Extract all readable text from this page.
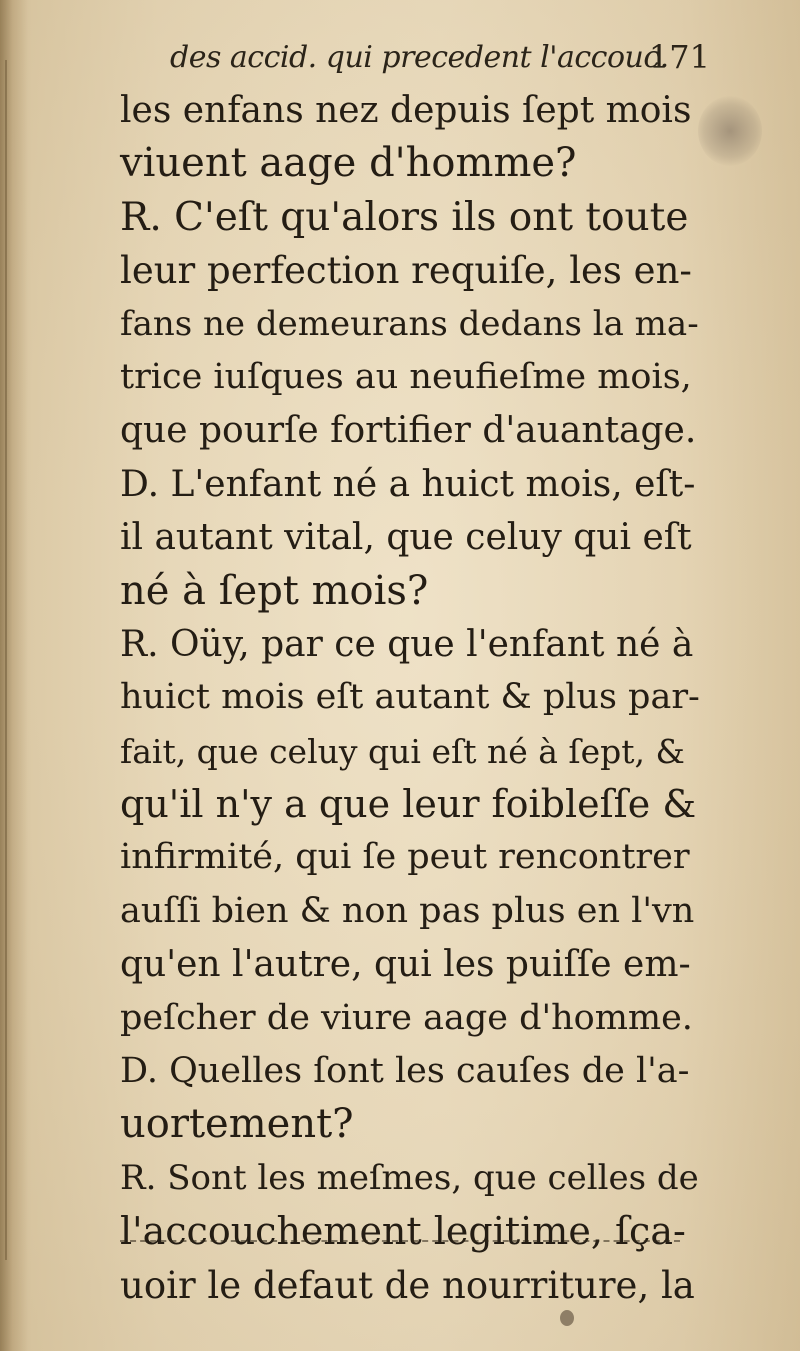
des accid. qui precedent l'accouc.
171
les enfans nez depuis ſept mois
viuent aage d'homme?
R. C'eſt qu'alors ils ont toute
leur perfection requiſe, les en-
fans ne demeurans dedans la ma-
trice iuſques au neufieſme mois,
que pourſe fortifier d'auantage.
D. L'enfant né a huict mois, eſt-
il autant vital, que celuy qui eſt
né à ſept mois?
R. Oüy, par ce que l'enfant né à
huict mois eſt autant & plus par-
fait, que celuy qui eſt né à ſept, &
qu'il n'y a que leur foibleſſe &
infirmité, qui ſe peut rencontrer
auſſi bien & non pas plus en l'vn
qu'en l'autre, qui les puiſſe em-
peſcher de viure aage d'homme.
D. Quelles ſont les cauſes de l'a-
uortement?
R. Sont les meſmes, que celles de
l'accouchement legitime, ſça-
uoir le defaut de nourriture, la
